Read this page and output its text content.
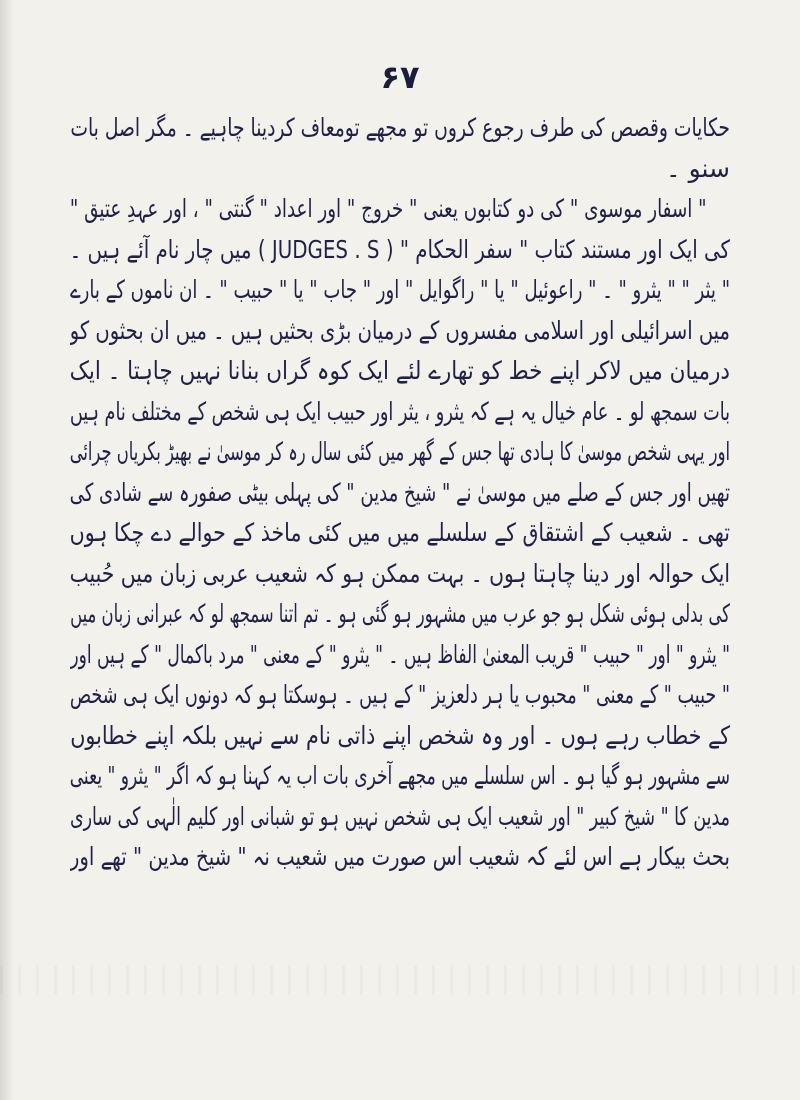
۶۷
حکایات وقصص کی طرف رجوع کروں تو مجھے تومعاف کردینا چاہیے ۔ مگر اصل بات
سنو ۔
" اسفار موسوی " کی دو کتابوں یعنی " خروج " اور اعداد " گنتی " ، اور عہدِ عتیق "
کی ایک اور مستند کتاب " سفر الحکام " ( JUDGES . S ) میں چار نام آئے ہیں ۔
" یثر " " یثرو " ۔ " راعوئیل " یا " راگوایل " اور " جاب " یا " حبیب " ۔ ان ناموں کے بارے
میں اسرائیلی اور اسلامی مفسروں کے درمیان بڑی بحثیں ہیں ۔ میں ان بحثوں کو
درمیان میں لاکر اپنے خط کو تھارے لئے ایک کوہ گراں بنانا نہیں چاہتا ۔ ایک
بات سمجھ لو ۔ عام خیال یہ ہے کہ یثرو ، یثر اور حبیب ایک ہی شخص کے مختلف نام ہیں
اور یہی شخص موسیٰ کا ہادی تھا جس کے گھر میں کئی سال رہ کر موسیٰ نے بھیڑ بکریاں چرائی
تھیں اور جس کے صلے میں موسیٰ نے " شیخ مدین " کی پہلی بیٹی صفورہ سے شادی کی
تھی ۔ شعیب کے اشتقاق کے سلسلے میں میں کئی ماخذ کے حوالے دے چکا ہوں
ایک حوالہ اور دینا چاہتا ہوں ۔ بہت ممکن ہو کہ شعیب عربی زبان میں حُبیب
کی بدلی ہوئی شکل ہو جو عرب میں مشہور ہو گئی ہو ۔ تم اتنا سمجھ لو کہ عبرانی زبان میں
" یثرو " اور " حبیب " قریب المعنیٰ الفاظ ہیں ۔ " یثرو " کے معنی " مرد باکمال " کے ہیں اور
" حبیب " کے معنی " محبوب یا ہر دلعزیز " کے ہیں ۔ ہوسکتا ہو کہ دونوں ایک ہی شخص
کے خطاب رہے ہوں ۔ اور وہ شخص اپنے ذاتی نام سے نہیں بلکہ اپنے خطابوں
سے مشہور ہو گیا ہو ۔ اس سلسلے میں مجھے آخری بات اب یہ کہنا ہو کہ اگر " یثرو " یعنی
مدین کا " شیخ کبیر " اور شعیب ایک ہی شخص نہیں ہو تو شبانی اور کلیم الٰہی کی ساری
بحث بیکار ہے اس لئے کہ شعیب اس صورت میں شعیب نہ " شیخ مدین " تھے اور
